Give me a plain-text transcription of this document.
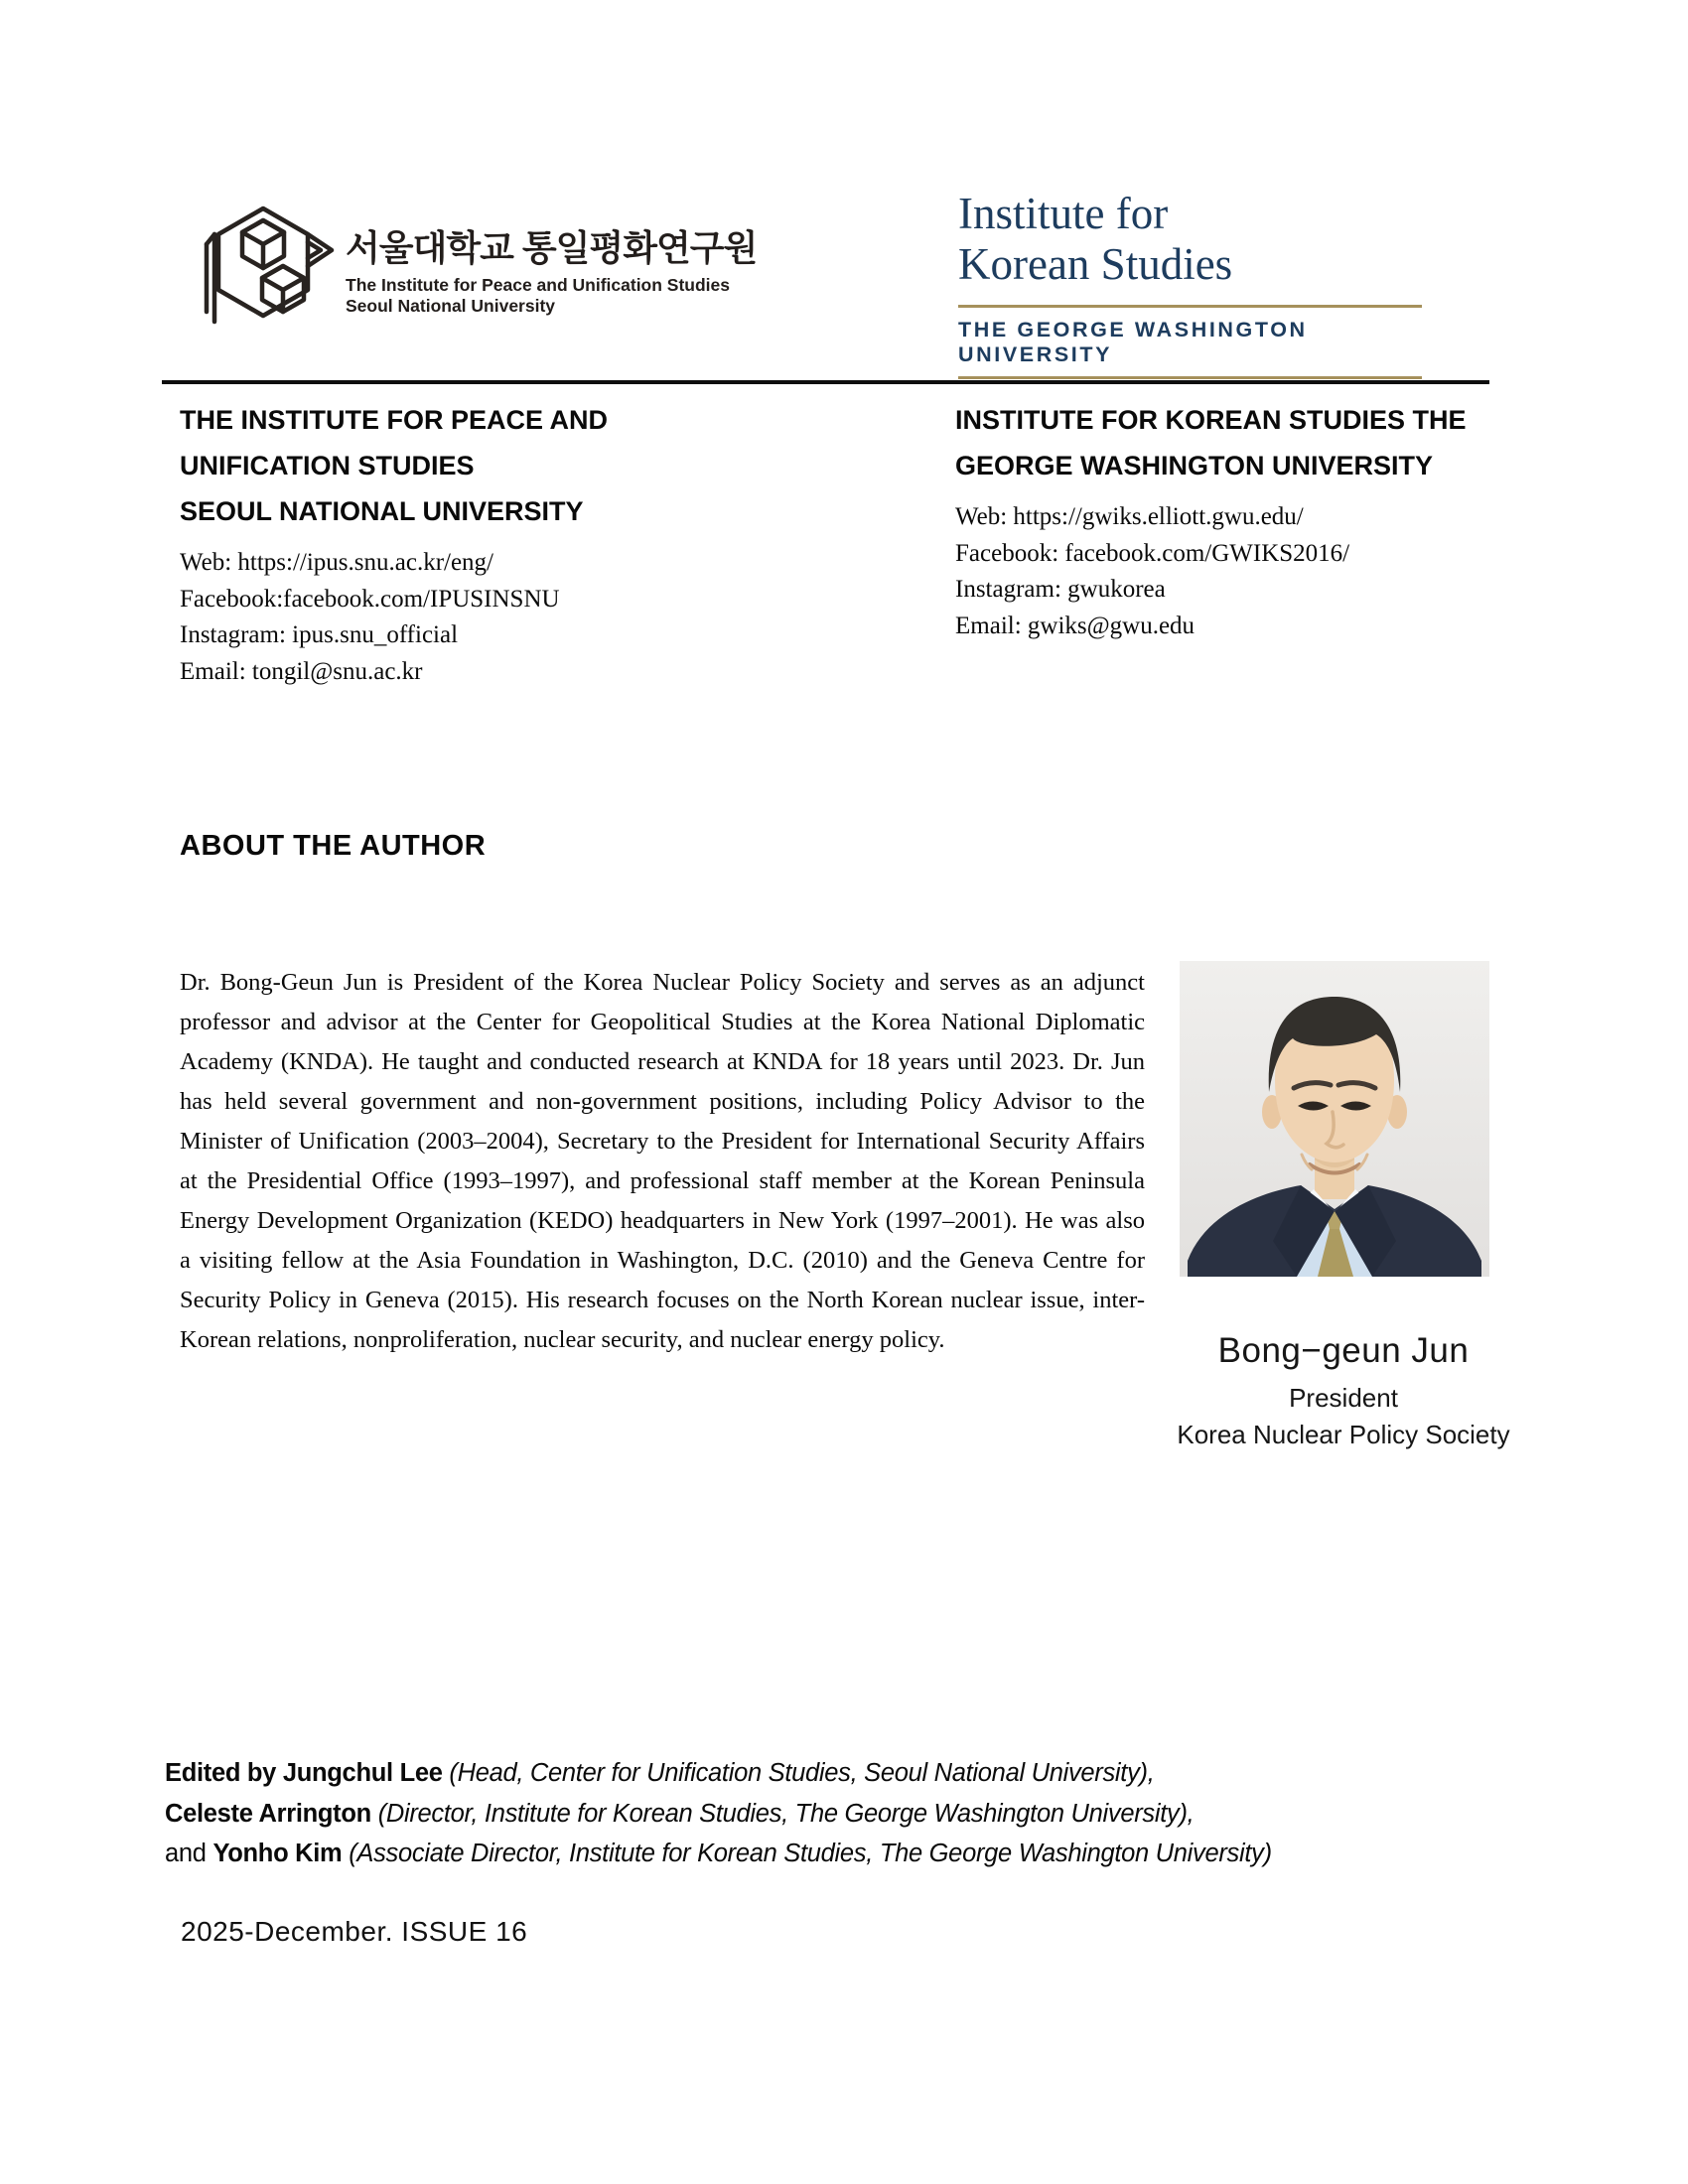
서울대학교 통일평화연구원
The Institute for Peace and Unification Studies
Seoul National University
Institute for
Korean Studies
THE GEORGE WASHINGTON UNIVERSITY
THE INSTITUTE FOR PEACE AND
UNIFICATION STUDIES
SEOUL NATIONAL UNIVERSITY
Web: https://ipus.snu.ac.kr/eng/
Facebook:facebook.com/IPUSINSNU
Instagram: ipus.snu_official
Email: tongil@snu.ac.kr
INSTITUTE FOR KOREAN STUDIES THE
GEORGE WASHINGTON UNIVERSITY
Web: https://gwiks.elliott.gwu.edu/
Facebook: facebook.com/GWIKS2016/
Instagram: gwukorea
Email: gwiks@gwu.edu
ABOUT THE AUTHOR

Dr. Bong-Geun Jun is President of the Korea Nuclear Policy Society and serves as an adjunct professor and advisor at the Center for Geopolitical Studies at the Korea National Diplomatic Academy (KNDA). He taught and conducted research at KNDA for 18 years until 2023. Dr. Jun has held several government and non-government positions, including Policy Advisor to the Minister of Unification (2003–2004), Secretary to the President for International Security Affairs at the Presidential Office (1993–1997), and professional staff member at the Korean Peninsula Energy Development Organization (KEDO) headquarters in New York (1997–2001). He was also a visiting fellow at the Asia Foundation in Washington, D.C. (2010) and the Geneva Centre for Security Policy in Geneva (2015). His research focuses on the North Korean nuclear issue, inter-Korean relations, nonproliferation, nuclear security, and nuclear energy policy.	Bong−geun Jun
President
Korea Nuclear Policy Society
Edited by Jungchul Lee (Head, Center for Unification Studies, Seoul National University),
Celeste Arrington (Director, Institute for Korean Studies, The George Washington University),
and Yonho Kim (Associate Director, Institute for Korean Studies, The George Washington University)
2025-December. ISSUE 16
